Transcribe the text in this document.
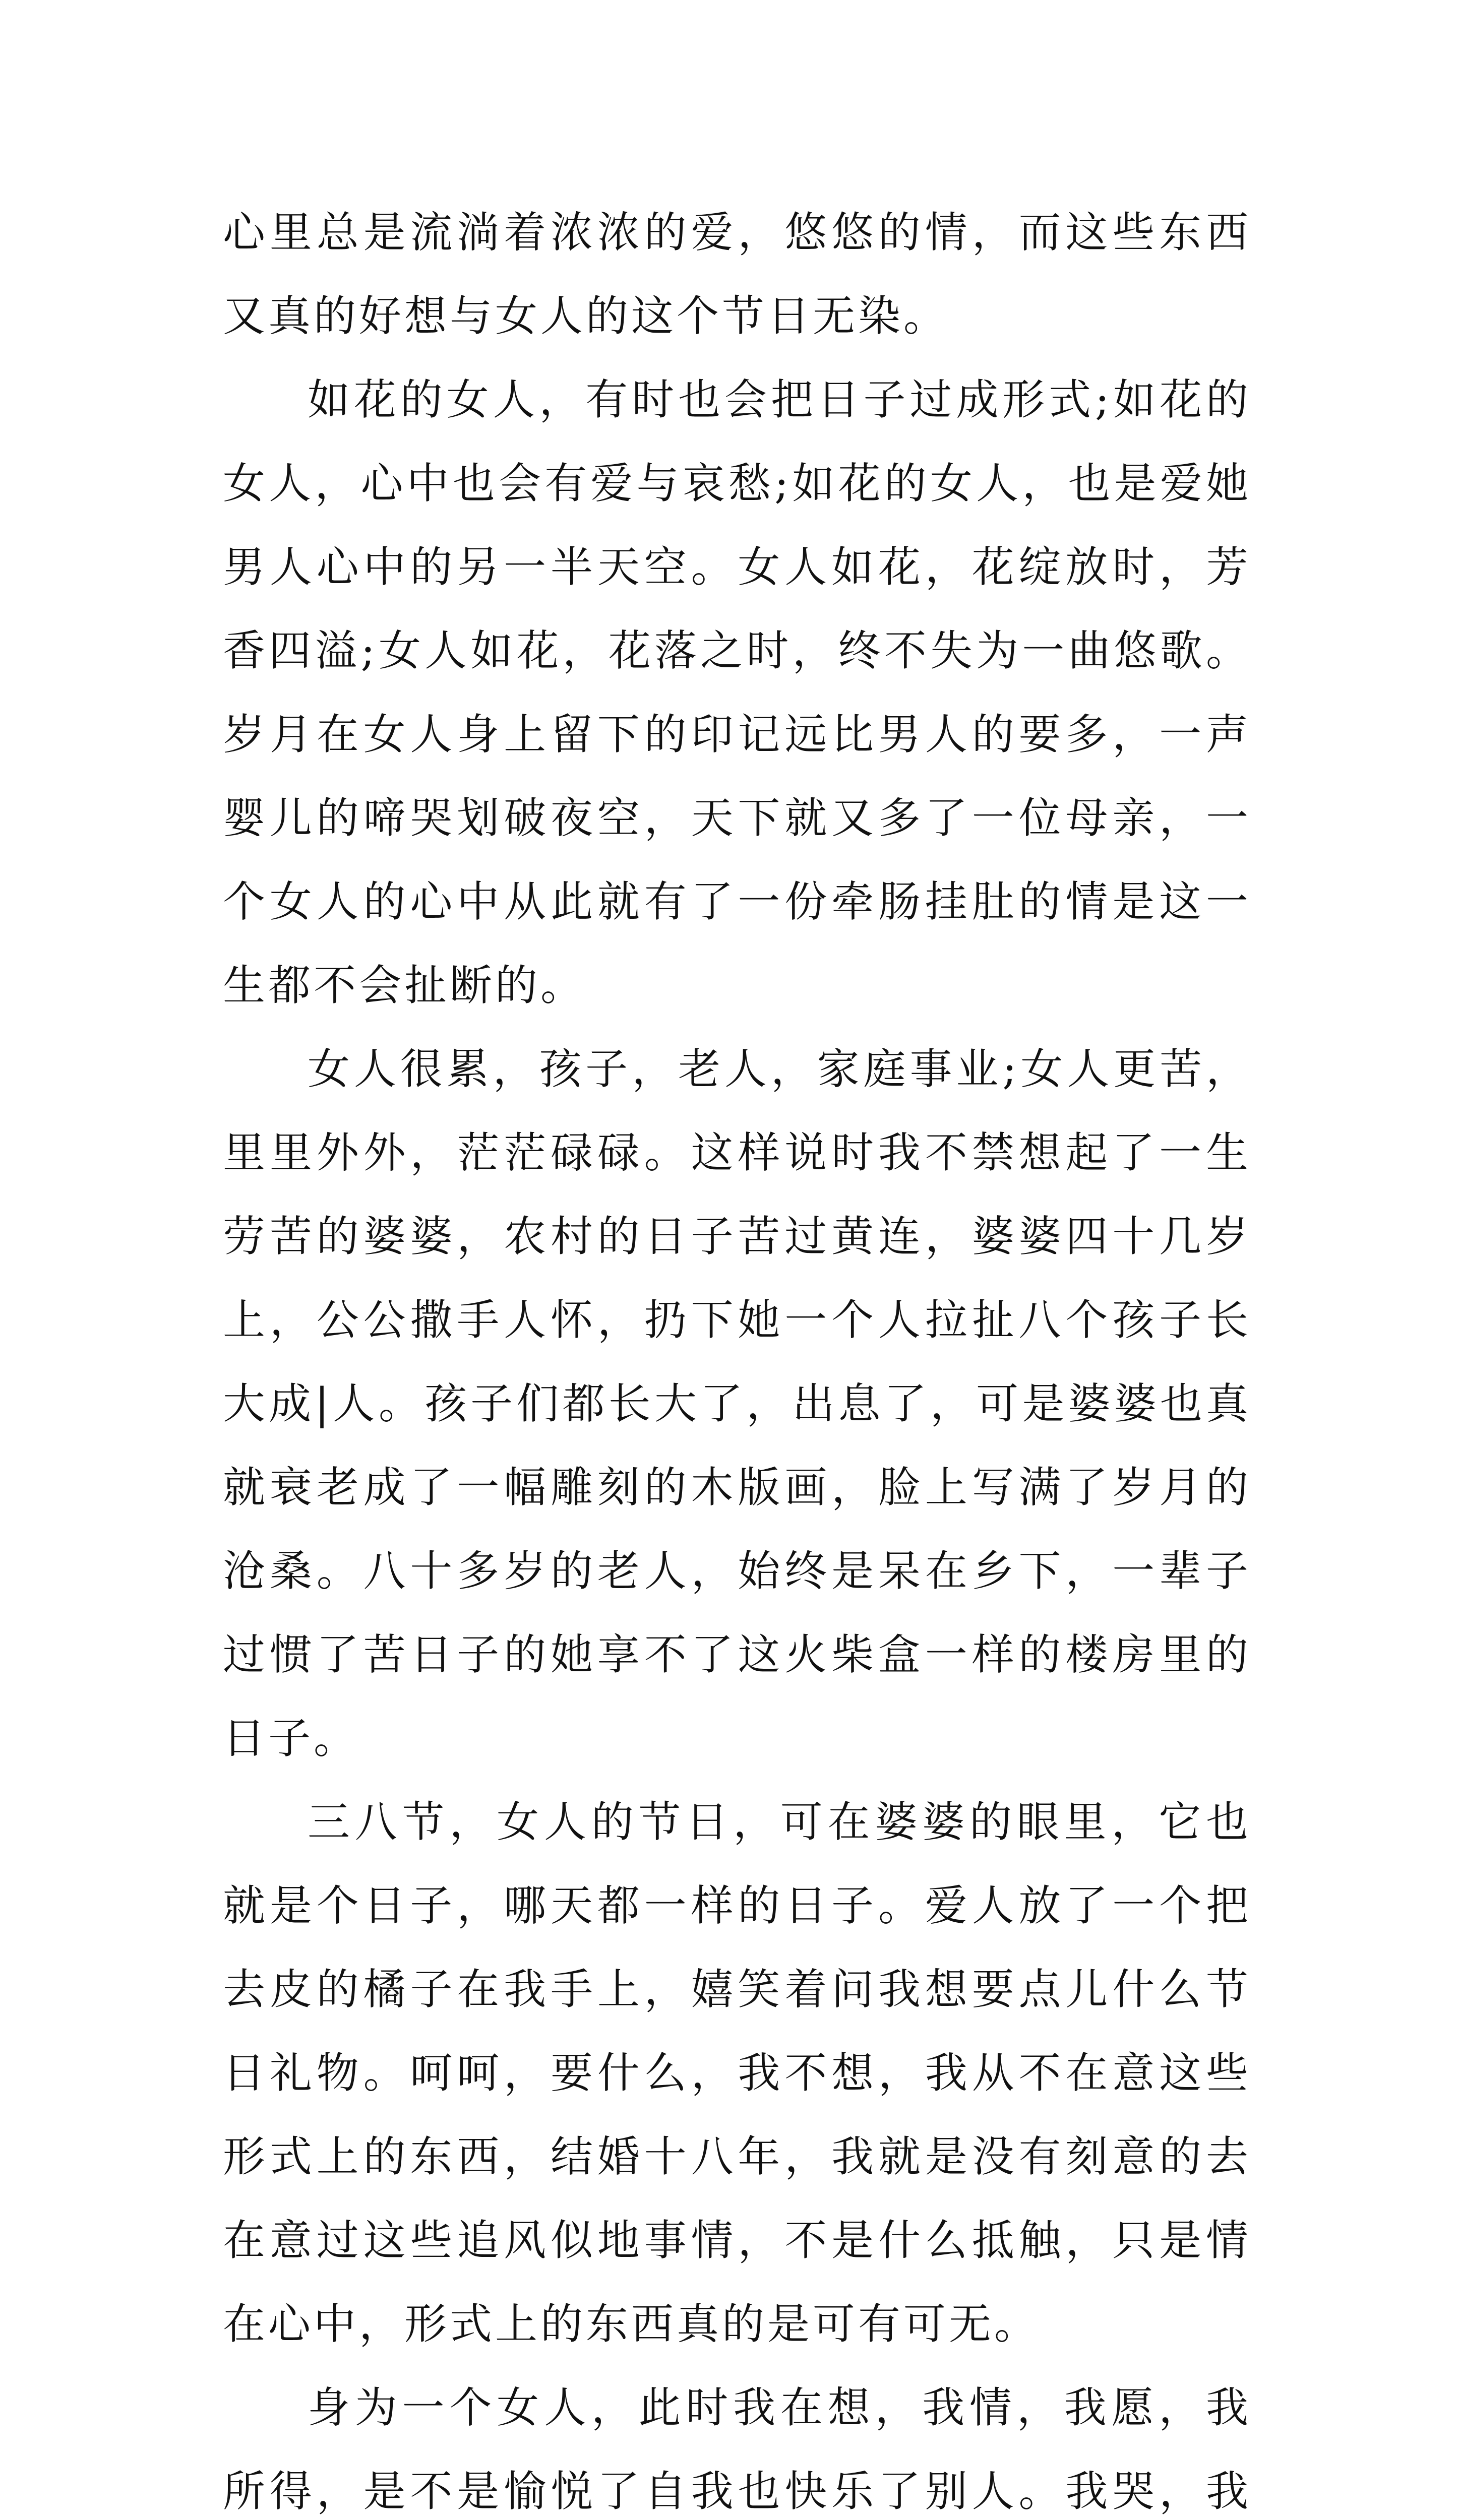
心里总是流淌着浓浓的爱，悠悠的情，而这些东西又真的好想与女人的这个节日无染。

如花的女人，有时也会把日子过成形式;如花的女人，心中也会有爱与哀愁;如花的女人，也是爱她男人心中的另一半天空。女人如花，花绽放时，芳香四溢;女人如花，花落之时，终不失为一曲悠歌。岁月在女人身上留下的印记远比男人的要多，一声婴儿的啼哭划破夜空，天下就又多了一位母亲，一个女人的心中从此就有了一份牵肠挂肚的情是这一生都不会扯断的。

女人很累，孩子，老人，家庭事业;女人更苦，里里外外，茫茫碌碌。这样说时我不禁想起了一生劳苦的婆婆，农村的日子苦过黄连，婆婆四十几岁上，公公撒手人怀，扔下她一个人拉扯八个孩子长大成|人。孩子们都长大了，出息了，可是婆婆也真就衰老成了一幅雕刻的木版画，脸上写满了岁月的沧桑。八十多岁的老人，始终是呆在乡下，一辈子过惯了苦日子的她享不了这火柴盒一样的楼房里的日子。

三八节，女人的节日，可在婆婆的眼里，它也就是个日子，哪天都一样的日子。爱人放了一个把去皮的橘子在我手上，嬉笑着问我想要点儿什么节日礼物。呵呵，要什么，我不想，我从不在意这些形式上的东西，结婚十八年，我就是没有刻意的去在意过这些追风似地事情，不是什么抵触，只是情在心中，形式上的东西真的是可有可无。

身为一个女人，此时我在想，我情，我愿，我所得，是不是愉悦了自我也快乐了别人。我哭，我
